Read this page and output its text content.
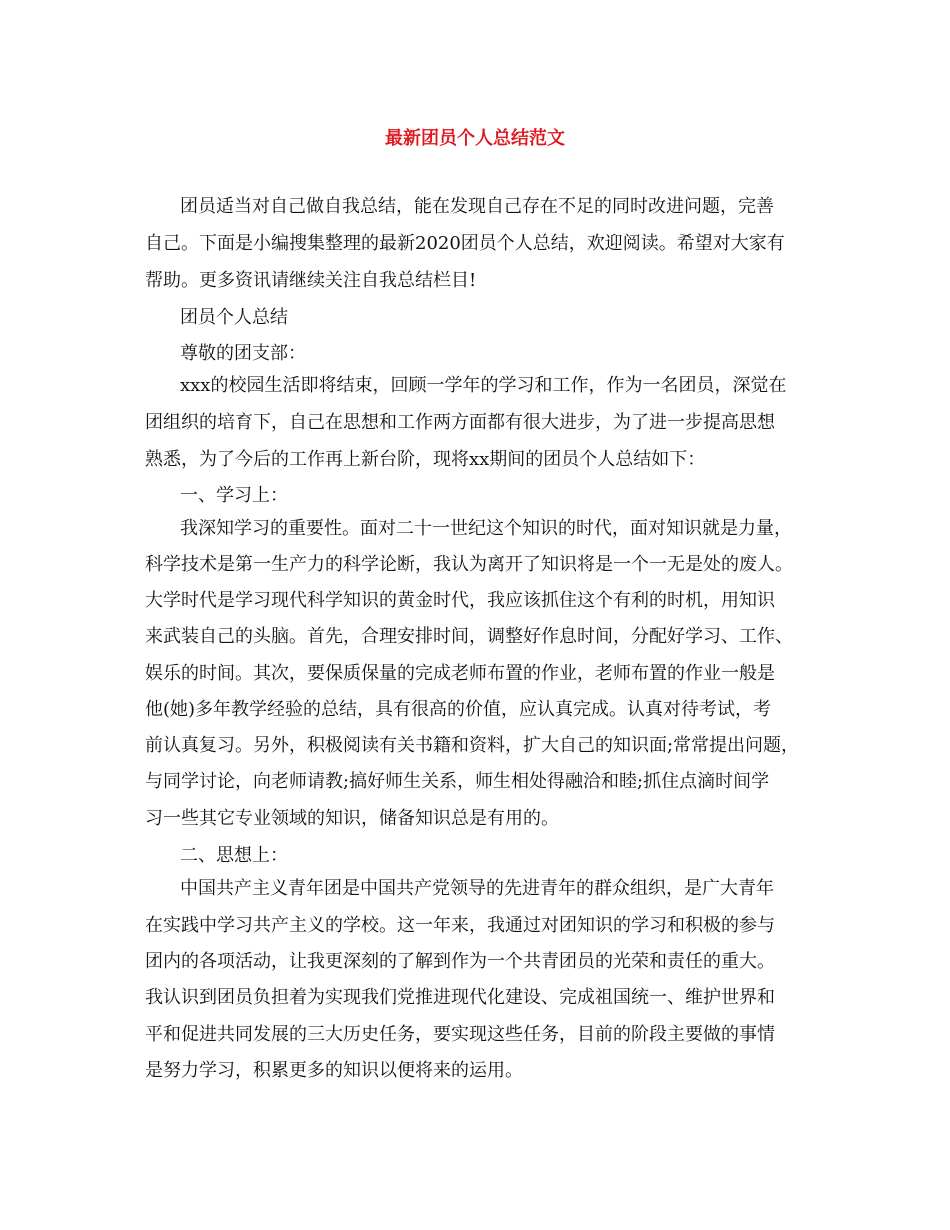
最新团员个人总结范文
团员适当对自己做自我总结，能在发现自己存在不足的同时改进问题，完善
自己。下面是小编搜集整理的最新2020团员个人总结，欢迎阅读。希望对大家有
帮助。更多资讯请继续关注自我总结栏目!
团员个人总结
尊敬的团支部：
xxx的校园生活即将结束，回顾一学年的学习和工作，作为一名团员，深觉在
团组织的培育下，自己在思想和工作两方面都有很大进步，为了进一步提高思想
熟悉，为了今后的工作再上新台阶，现将xx期间的团员个人总结如下：
一、学习上：
我深知学习的重要性。面对二十一世纪这个知识的时代，面对知识就是力量，
科学技术是第一生产力的科学论断，我认为离开了知识将是一个一无是处的废人。
大学时代是学习现代科学知识的黄金时代，我应该抓住这个有利的时机，用知识
来武装自己的头脑。首先，合理安排时间，调整好作息时间，分配好学习、工作、
娱乐的时间。其次，要保质保量的完成老师布置的作业，老师布置的作业一般是
他(她)多年教学经验的总结，具有很高的价值，应认真完成。认真对待考试，考
前认真复习。另外，积极阅读有关书籍和资料，扩大自己的知识面;常常提出问题，
与同学讨论，向老师请教;搞好师生关系，师生相处得融洽和睦;抓住点滴时间学
习一些其它专业领域的知识，储备知识总是有用的。
二、思想上：
中国共产主义青年团是中国共产党领导的先进青年的群众组织，是广大青年
在实践中学习共产主义的学校。这一年来，我通过对团知识的学习和积极的参与
团内的各项活动，让我更深刻的了解到作为一个共青团员的光荣和责任的重大。
我认识到团员负担着为实现我们党推进现代化建设、完成祖国统一、维护世界和
平和促进共同发展的三大历史任务，要实现这些任务，目前的阶段主要做的事情
是努力学习，积累更多的知识以便将来的运用。
